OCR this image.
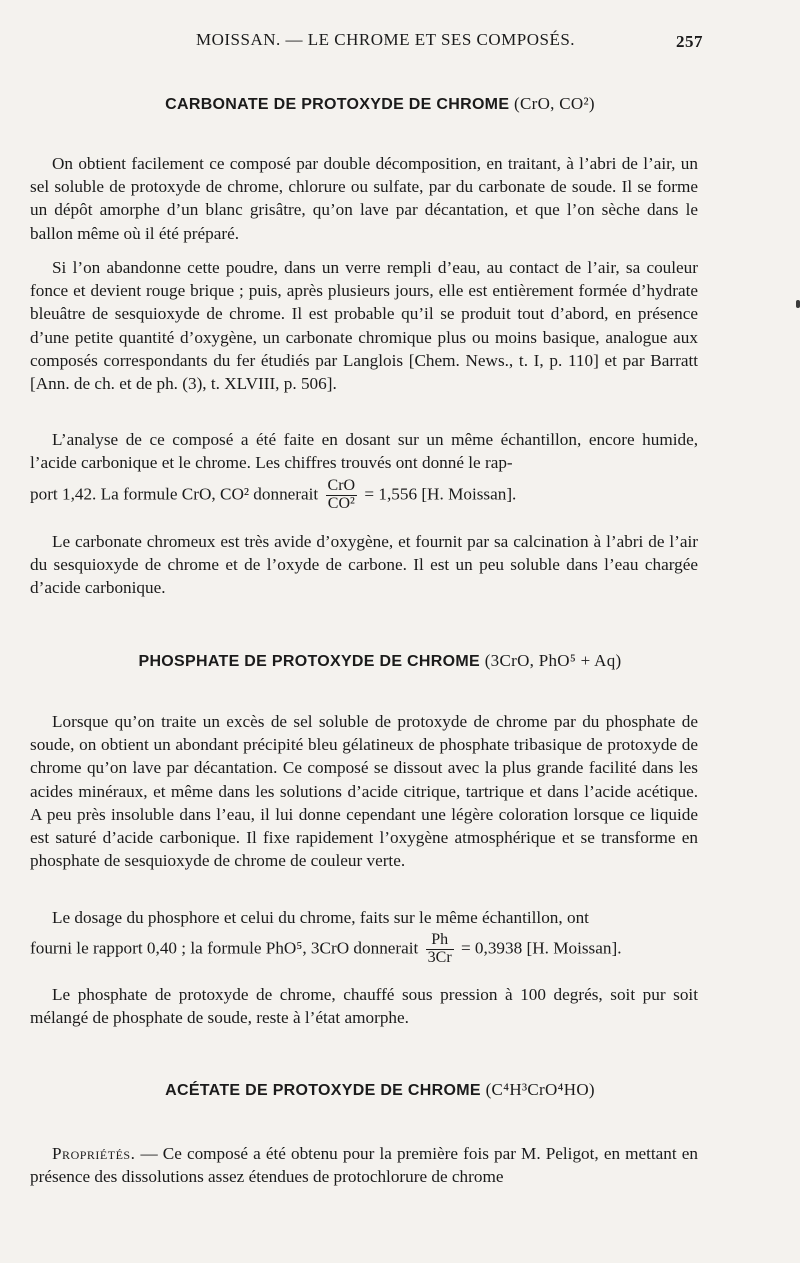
MOISSAN. — LE CHROME ET SES COMPOSÉS.	257
CARBONATE DE PROTOXYDE DE CHROME (CrO, CO²)

On obtient facilement ce composé par double décomposition, en traitant, à l’abri de l’air, un sel soluble de protoxyde de chrome, chlorure ou sulfate, par du carbonate de soude. Il se forme un dépôt amorphe d’un blanc grisâtre, qu’on lave par décantation, et que l’on sèche dans le ballon même où il été préparé.

Si l’on abandonne cette poudre, dans un verre rempli d’eau, au contact de l’air, sa couleur fonce et devient rouge brique ; puis, après plusieurs jours, elle est entièrement formée d’hydrate bleuâtre de sesquioxyde de chrome. Il est probable qu’il se produit tout d’abord, en présence d’une petite quantité d’oxygène, un carbonate chromique plus ou moins basique, analogue aux composés correspondants du fer étudiés par Langlois [Chem. News., t. I, p. 110] et par Barratt [Ann. de ch. et de ph. (3), t. XLVIII, p. 506].

L’analyse de ce composé a été faite en dosant sur un même échantillon, encore humide, l’acide carbonique et le chrome. Les chiffres trouvés ont donné le rap-

port 1,42. La formule CrO, CO² donnerait $\frac{\text{CrO}}{\text{CO²}} = 1,556$ [H. Moissan].

Le carbonate chromeux est très avide d’oxygène, et fournit par sa calcination à l’abri de l’air du sesquioxyde de chrome et de l’oxyde de carbone. Il est un peu soluble dans l’eau chargée d’acide carbonique.

PHOSPHATE DE PROTOXYDE DE CHROME (3CrO, PhO⁵ + Aq)

Lorsque qu’on traite un excès de sel soluble de protoxyde de chrome par du phosphate de soude, on obtient un abondant précipité bleu gélatineux de phosphate tribasique de protoxyde de chrome qu’on lave par décantation. Ce composé se dissout avec la plus grande facilité dans les acides minéraux, et même dans les solutions d’acide citrique, tartrique et dans l’acide acétique. A peu près insoluble dans l’eau, il lui donne cependant une légère coloration lorsque ce liquide est saturé d’acide carbonique. Il fixe rapidement l’oxygène atmosphérique et se transforme en phosphate de sesquioxyde de chrome de couleur verte.

Le dosage du phosphore et celui du chrome, faits sur le même échantillon, ont

fourni le rapport 0,40 ; la formule PhO⁵, 3CrO donnerait $\frac{Ph}{3Cr} = 0,3938$ [H. Moissan].

Le phosphate de protoxyde de chrome, chauffé sous pression à 100 degrés, soit pur soit mélangé de phosphate de soude, reste à l’état amorphe.

ACÉTATE DE PROTOXYDE DE CHROME (C⁴H³CrO⁴HO)

Propriétés. — Ce composé a été obtenu pour la première fois par M. Peligot, en mettant en présence des dissolutions assez étendues de protochlorure de chrome
